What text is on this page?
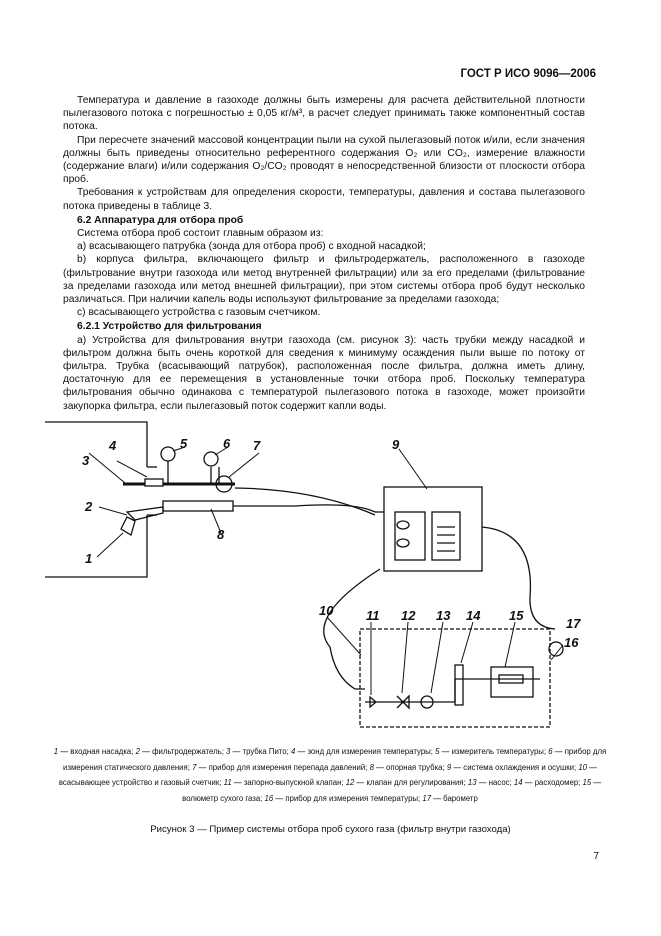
ГОСТ Р ИСО 9096—2006

Температура и давление в газоходе должны быть измерены для расчета действительной плотности пылегазового потока с погрешностью ± 0,05 кг/м³, в расчет следует принимать также компонентный состав потока.

При пересчете значений массовой концентрации пыли на сухой пылегазовый поток и/или, если значения должны быть приведены относительно референтного содержания O₂ или CO₂, измерение влажности (содержание влаги) и/или содержания O₂/CO₂ проводят в непосредственной близости от плоскости отбора проб.

Требования к устройствам для определения скорости, температуры, давления и состава пылегазового потока приведены в таблице 3.

6.2 Аппаратура для отбора проб

Система отбора проб состоит главным образом из:

a) всасывающего патрубка (зонда для отбора проб) с входной насадкой;

b) корпуса фильтра, включающего фильтр и фильтродержатель, расположенного в газоходе (фильтрование внутри газохода или метод внутренней фильтрации) или за его пределами (фильтрование за пределами газохода или метод внешней фильтрации), при этом системы отбора проб будут несколько различаться. При наличии капель воды используют фильтрование за пределами газохода;

c) всасывающего устройства с газовым счетчиком.

6.2.1 Устройство для фильтрования

а) Устройства для фильтрования внутри газохода (см. рисунок 3): часть трубки между насадкой и фильтром должна быть очень короткой для сведения к минимуму осаждения пыли выше по потоку от фильтра. Трубка (всасывающий патрубок), расположенная после фильтра, должна иметь длину, достаточную для ее перемещения в установленные точки отбора проб. Поскольку температура фильтрования обычно одинакова с температурой пылегазового потока в газоходе, может произойти закупорка фильтра, если пылегазовый поток содержит капли воды.

1
2
3
4	5	6 7
8
9
10	11 12 13 14 15
16
17
1 — входная насадка; 2 — фильтродержатель; 3 — трубка Пито; 4 — зонд для измерения температуры; 5 — измеритель температуры; 6 — прибор для измерения статического давления; 7 — прибор для измерения перепада давлений; 8 — опорная трубка; 9 — система охлаждения и осушки; 10 — всасывающее устройство и газовый счетчик; 11 — запорно-выпускной клапан; 12 — клапан для регулирования; 13 — насос; 14 — расходомер; 15 — волюметр сухого газа; 16 — прибор для измерения температуры; 17 — барометр
Рисунок 3 — Пример системы отбора проб сухого газа (фильтр внутри газохода)
7
